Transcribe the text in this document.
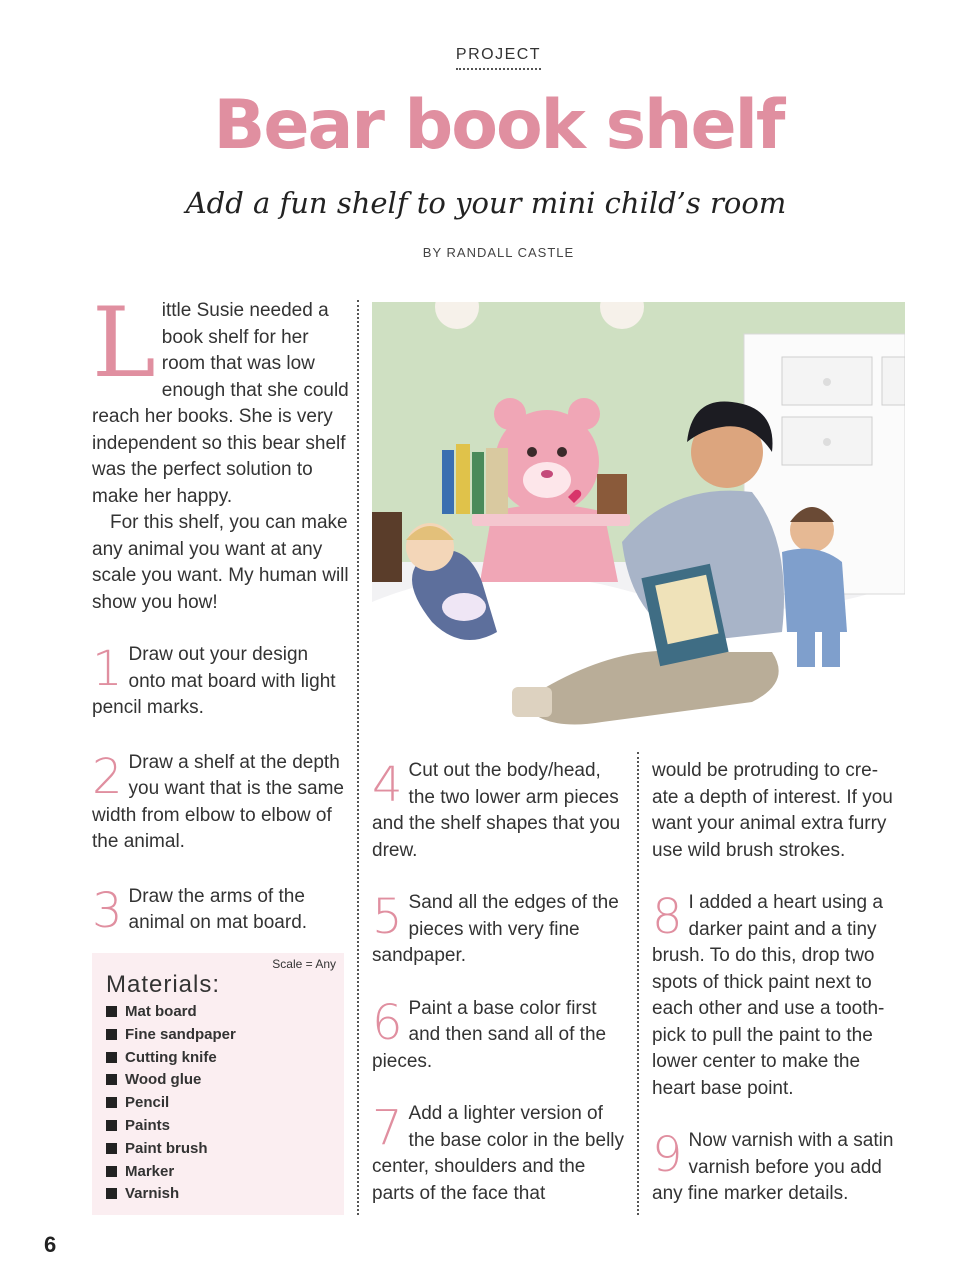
PROJECT
Bear book shelf
Add a fun shelf to your mini child’s room
BY RANDALL CASTLE

Little Susie needed a book shelf for her room that was low enough that she could reach her books. She is very independent so this bear shelf was the perfect solution to make her happy.

For this shelf, you can make any animal you want at any scale you want. My human will show you how!

1 Draw out your design onto mat board with light pencil marks.
2 Draw a shelf at the depth you want that is the same width from elbow to elbow of the animal.
3 Draw the arms of the animal on mat board.
Scale = Any
Materials:
Mat board
Fine sandpaper
Cutting knife
Wood glue
Pencil
Paints
Paint brush
Marker
Varnish
4 Cut out the body/head, the two lower arm pieces and the shelf shapes that you drew.
5 Sand all the edges of the pieces with very fine sandpaper.
6 Paint a base color first and then sand all of the pieces.
7 Add a lighter version of the base color in the belly center, shoulders and the parts of the face that
would be protruding to cre- ate a depth of interest. If you want your animal extra furry use wild brush strokes.
8 I added a heart using a darker paint and a tiny brush. To do this, drop two spots of thick paint next to each other and use a tooth- pick to pull the paint to the lower center to make the heart base point.
9 Now varnish with a satin varnish before you add any fine marker details.
6
